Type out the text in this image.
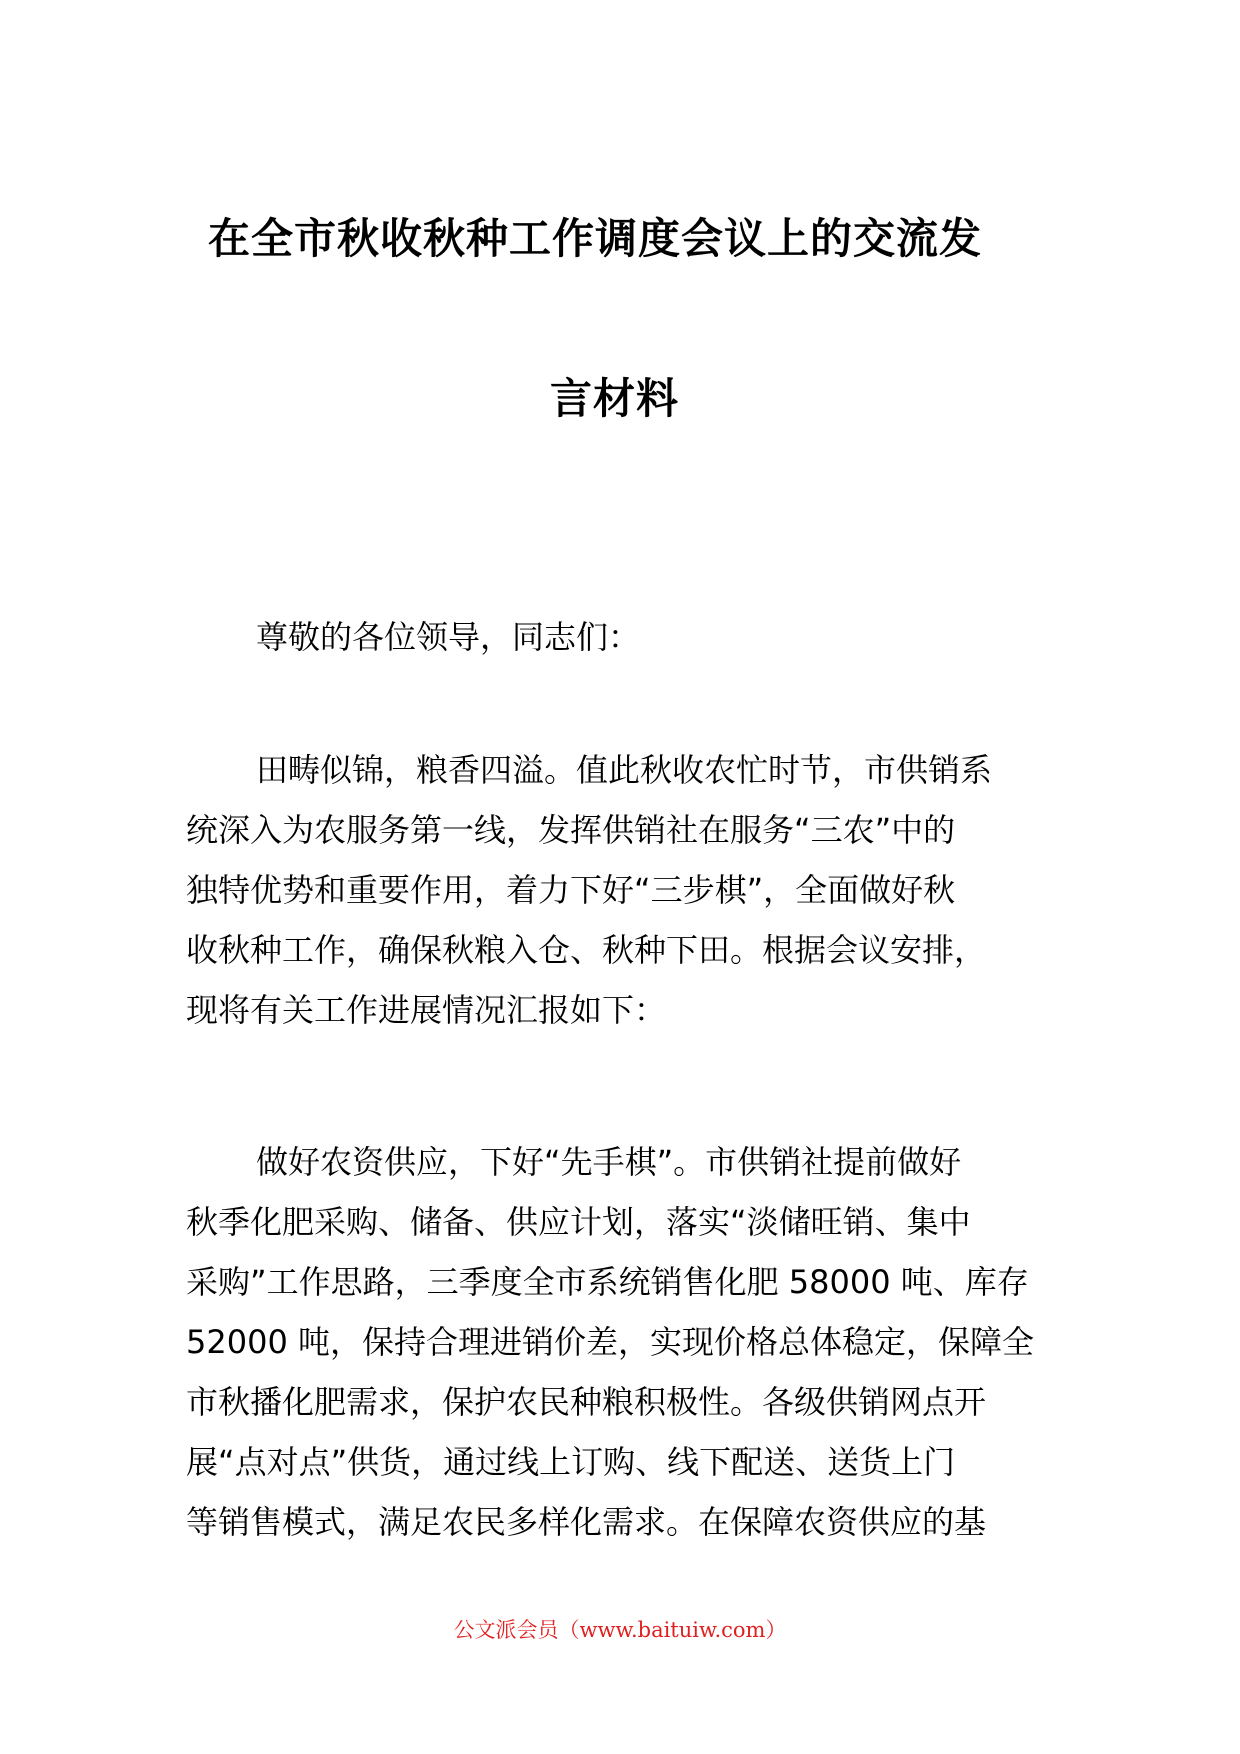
在全市秋收秋种工作调度会议上的交流发
言材料
尊敬的各位领导，同志们：
田畴似锦，粮香四溢。值此秋收农忙时节，市供销系
统深入为农服务第一线，发挥供销社在服务“三农”中的
独特优势和重要作用，着力下好“三步棋”，全面做好秋
收秋种工作，确保秋粮入仓、秋种下田。根据会议安排，
现将有关工作进展情况汇报如下：
做好农资供应，下好“先手棋”。市供销社提前做好
秋季化肥采购、储备、供应计划，落实“淡储旺销、集中
采购”工作思路，三季度全市系统销售化肥 58000 吨、库存
52000 吨，保持合理进销价差，实现价格总体稳定，保障全
市秋播化肥需求，保护农民种粮积极性。各级供销网点开
展“点对点”供货，通过线上订购、线下配送、送货上门
等销售模式，满足农民多样化需求。在保障农资供应的基
公文派会员（www.baituiw.com）
